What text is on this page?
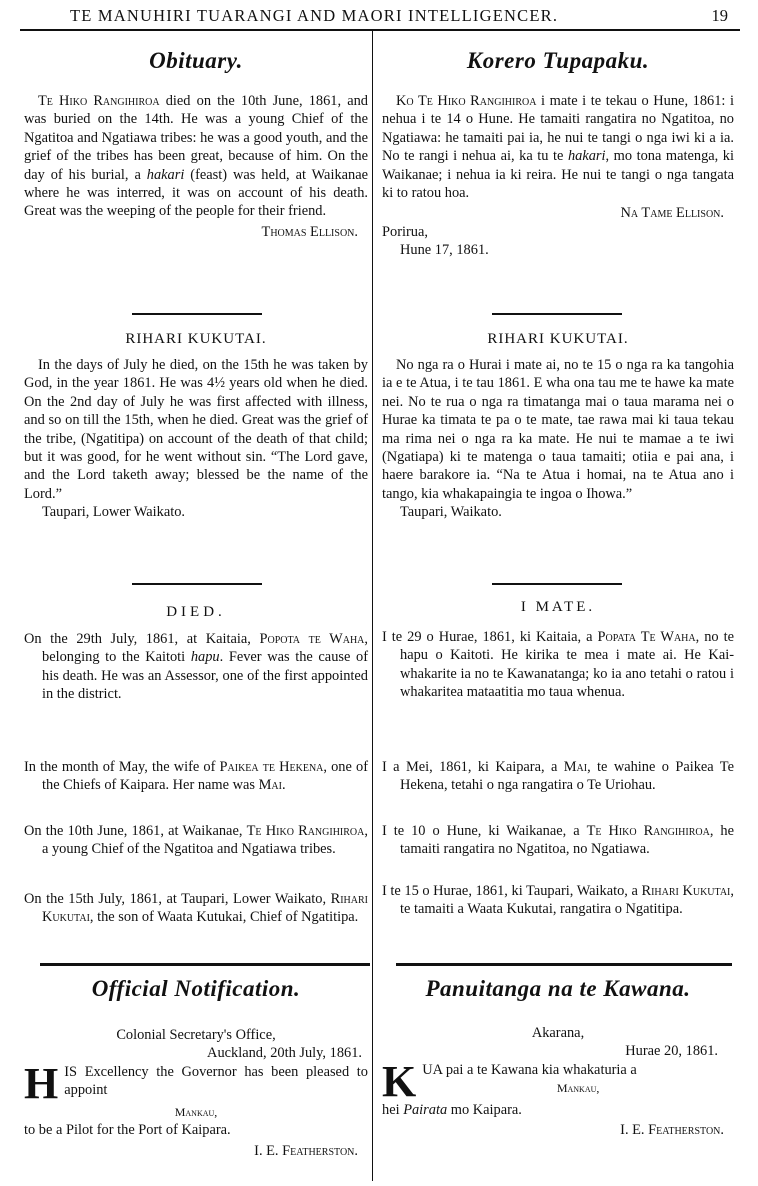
TE MANUHIRI TUARANGI AND MAORI INTELLIGENCER.	19
Obituary.

Te Hiko Rangihiroa died on the 10th June, 1861, and was buried on the 14th. He was a young Chief of the Ngatitoa and Ngatiawa tribes: he was a good youth, and the grief of the tribes has been great, because of him. On the day of his burial, a hakari (feast) was held, at Waikanae where he was interred, it was on account of his death. Great was the weeping of the people for their friend.

Thomas Ellison.

RIHARI KUKUTAI.

In the days of July he died, on the 15th he was taken by God, in the year 1861. He was 4½ years old when he died. On the 2nd day of July he was first affected with illness, and so on till the 15th, when he died. Great was the grief of the tribe, (Ngatitipa) on account of the death of that child; but it was good, for he went without sin. “The Lord gave, and the Lord taketh away; blessed be the name of the Lord.”

Taupari, Lower Waikato.

DIED.

On the 29th July, 1861, at Kaitaia, Popota te Waha, belonging to the Kaitoti hapu. Fever was the cause of his death. He was an Assessor, one of the first appointed in the district.

In the month of May, the wife of Paikea te Hekena, one of the Chiefs of Kaipara. Her name was Mai.

On the 10th June, 1861, at Waikanae, Te Hiko Rangihiroa, a young Chief of the Ngatitoa and Ngatiawa tribes.

On the 15th July, 1861, at Taupari, Lower Waikato, Rihari Kukutai, the son of Waata Kutukai, Chief of Ngatitipa.

Official Notification.

Colonial Secretary's Office,

Auckland, 20th July, 1861.

H IS Excellency the Governor has been pleased to appoint

Mankau,

to be a Pilot for the Port of Kaipara.

I. E. Featherston.

Korero Tupapaku.

Ko Te Hiko Rangihiroa i mate i te tekau o Hune, 1861: i nehua i te 14 o Hune. He tamaiti rangatira no Ngatitoa, no Ngatiawa: he tamaiti pai ia, he nui te tangi o nga iwi ki a ia. No te rangi i nehua ai, ka tu te hakari, mo tona matenga, ki Waikanae; i nehua ia ki reira. He nui te tangi o nga tangata ki to ratou hoa.

Na Tame Ellison.

Porirua,

Hune 17, 1861.

RIHARI KUKUTAI.

No nga ra o Hurai i mate ai, no te 15 o nga ra ka tangohia ia e te Atua, i te tau 1861. E wha ona tau me te hawe ka mate nei. No te rua o nga ra timatanga mai o taua marama nei o Hurae ka timata te pa o te mate, tae rawa mai ki taua tekau ma rima nei o nga ra ka mate. He nui te mamae a te iwi (Ngatiapa) ki te matenga o taua tamaiti; otiia e pai ana, i haere barakore ia. “Na te Atua i homai, na te Atua ano i tango, kia whakapaingia te ingoa o Ihowa.”

Taupari, Waikato.

I MATE.

I te 29 o Hurae, 1861, ki Kaitaia, a Popata Te Waha, no te hapu o Kaitoti. He kirika te mea i mate ai. He Kai-whakarite ia no te Kawanatanga; ko ia ano tetahi o ratou i whakaritea mataatitia mo taua whenua.

I a Mei, 1861, ki Kaipara, a Mai, te wahine o Paikea Te Hekena, tetahi o nga rangatira o Te Uriohau.

I te 10 o Hune, ki Waikanae, a Te Hiko Rangihiroa, he tamaiti rangatira no Ngatitoa, no Ngatiawa.

I te 15 o Hurae, 1861, ki Taupari, Waikato, a Rihari Kukutai, te tamaiti a Waata Kukutai, rangatira o Ngatitipa.

Panuitanga na te Kawana.

Akarana,

Hurae 20, 1861.

K UA pai a te Kawana kia whakaturia a

Mankau,

hei Pairata mo Kaipara.

I. E. Featherston.
